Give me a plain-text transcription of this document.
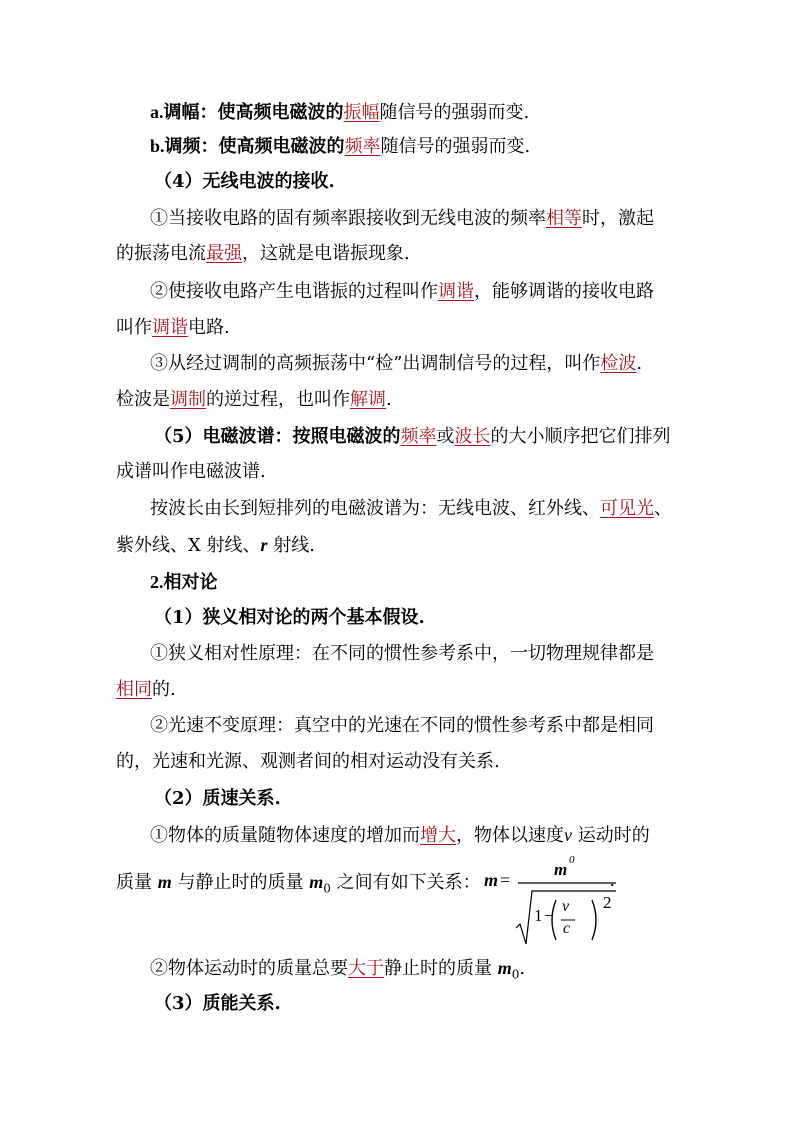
a.调幅：使高频电磁波的振幅随信号的强弱而变.
b.调频：使高频电磁波的频率随信号的强弱而变.
（4）无线电波的接收.
①当接收电路的固有频率跟接收到无线电波的频率相等时，激起
的振荡电流最强，这就是电谐振现象.
②使接收电路产生电谐振的过程叫作调谐，能够调谐的接收电路
叫作调谐电路.
③从经过调制的高频振荡中“检”出调制信号的过程，叫作检波.
检波是调制的逆过程，也叫作解调.
（5）电磁波谱：按照电磁波的频率或波长的大小顺序把它们排列
成谱叫作电磁波谱.
按波长由长到短排列的电磁波谱为：无线电波、红外线、可见光、
紫外线、X 射线、r 射线.
2.相对论
（1）狭义相对论的两个基本假设.
①狭义相对性原理：在不同的惯性参考系中，一切物理规律都是
相同的.
②光速不变原理：真空中的光速在不同的惯性参考系中都是相同
的，光速和光源、观测者间的相对运动没有关系.
（2）质速关系.
①物体的质量随物体速度的增加而增大，物体以速度v 运动时的
质量 m 与静止时的质量 $m_0$ 之间有如下关系： m =
m 0
1 − v
c
2
.
②物体运动时的质量总要大于静止时的质量 $m_0$.
（3）质能关系.
